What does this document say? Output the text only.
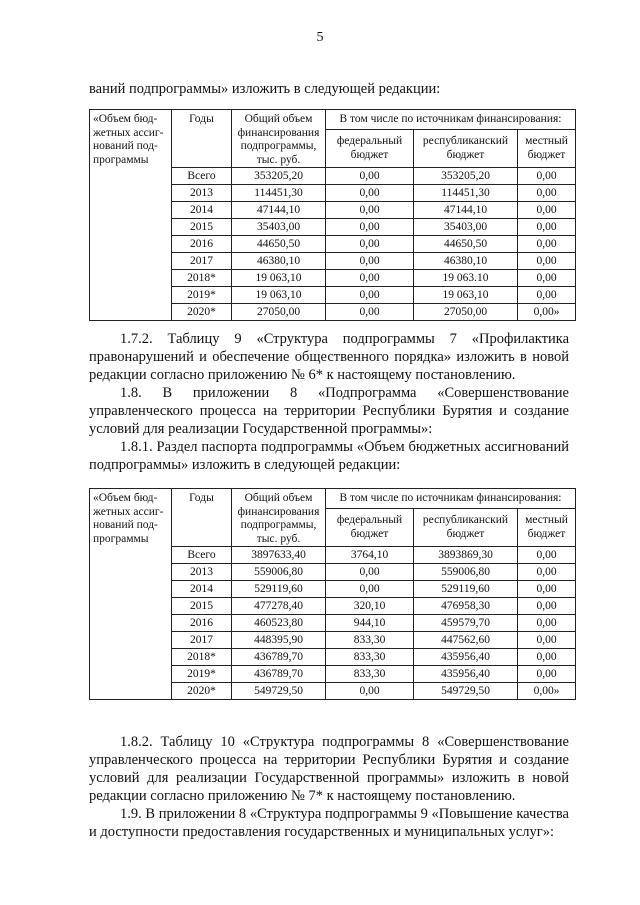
5

ваний подпрограммы» изложить в следующей редакции:

«Объем бюд-жетных ассиг-нований под-программы	Годы	Общий объем финансирования подпрограммы, тыс. руб.	В том числе по источникам финансирования:		
			федеральный бюджет	республиканский бюджет	местный бюджет
	Всего	353205,20	0,00	353205,20	0,00
	2013	114451,30	0,00	114451,30	0,00
	2014	47144,10	0,00	47144,10	0,00
	2015	35403,00	0,00	35403,00	0,00
	2016	44650,50	0,00	44650,50	0,00
	2017	46380,10	0,00	46380,10	0,00
	2018*	19 063,10	0,00	19 063.10	0,00
	2019*	19 063,10	0,00	19 063,10	0,00
	2020*	27050,00	0,00	27050,00	0,00»

1.7.2. Таблицу 9 «Структура подпрограммы 7 «Профилактика правонарушений и обеспечение общественного порядка» изложить в новой редакции согласно приложению № 6* к настоящему постановлению.

1.8. В приложении 8 «Подпрограмма «Совершенствование управленческого процесса на территории Республики Бурятия и создание условий для реализации Государственной программы»:

1.8.1. Раздел паспорта подпрограммы «Объем бюджетных ассигнований подпрограммы» изложить в следующей редакции:

«Объем бюд-жетных ассиг-нований под-программы	Годы	Общий объем финансирования подпрограммы, тыс. руб.	В том числе по источникам финансирования:		
			федеральный бюджет	республиканский бюджет	местный бюджет
	Всего	3897633,40	3764,10	3893869,30	0,00
	2013	559006,80	0,00	559006,80	0,00
	2014	529119,60	0,00	529119,60	0,00
	2015	477278,40	320,10	476958,30	0,00
	2016	460523,80	944,10	459579,70	0,00
	2017	448395,90	833,30	447562,60	0,00
	2018*	436789,70	833,30	435956,40	0,00
	2019*	436789,70	833,30	435956,40	0,00
	2020*	549729,50	0,00	549729,50	0,00»

1.8.2. Таблицу 10 «Структура подпрограммы 8 «Совершенствование управленческого процесса на территории Республики Бурятия и создание условий для реализации Государственной программы» изложить в новой редакции согласно приложению № 7* к настоящему постановлению.

1.9. В приложении 8 «Структура подпрограммы 9 «Повышение качества и доступности предоставления государственных и муниципальных услуг»:
